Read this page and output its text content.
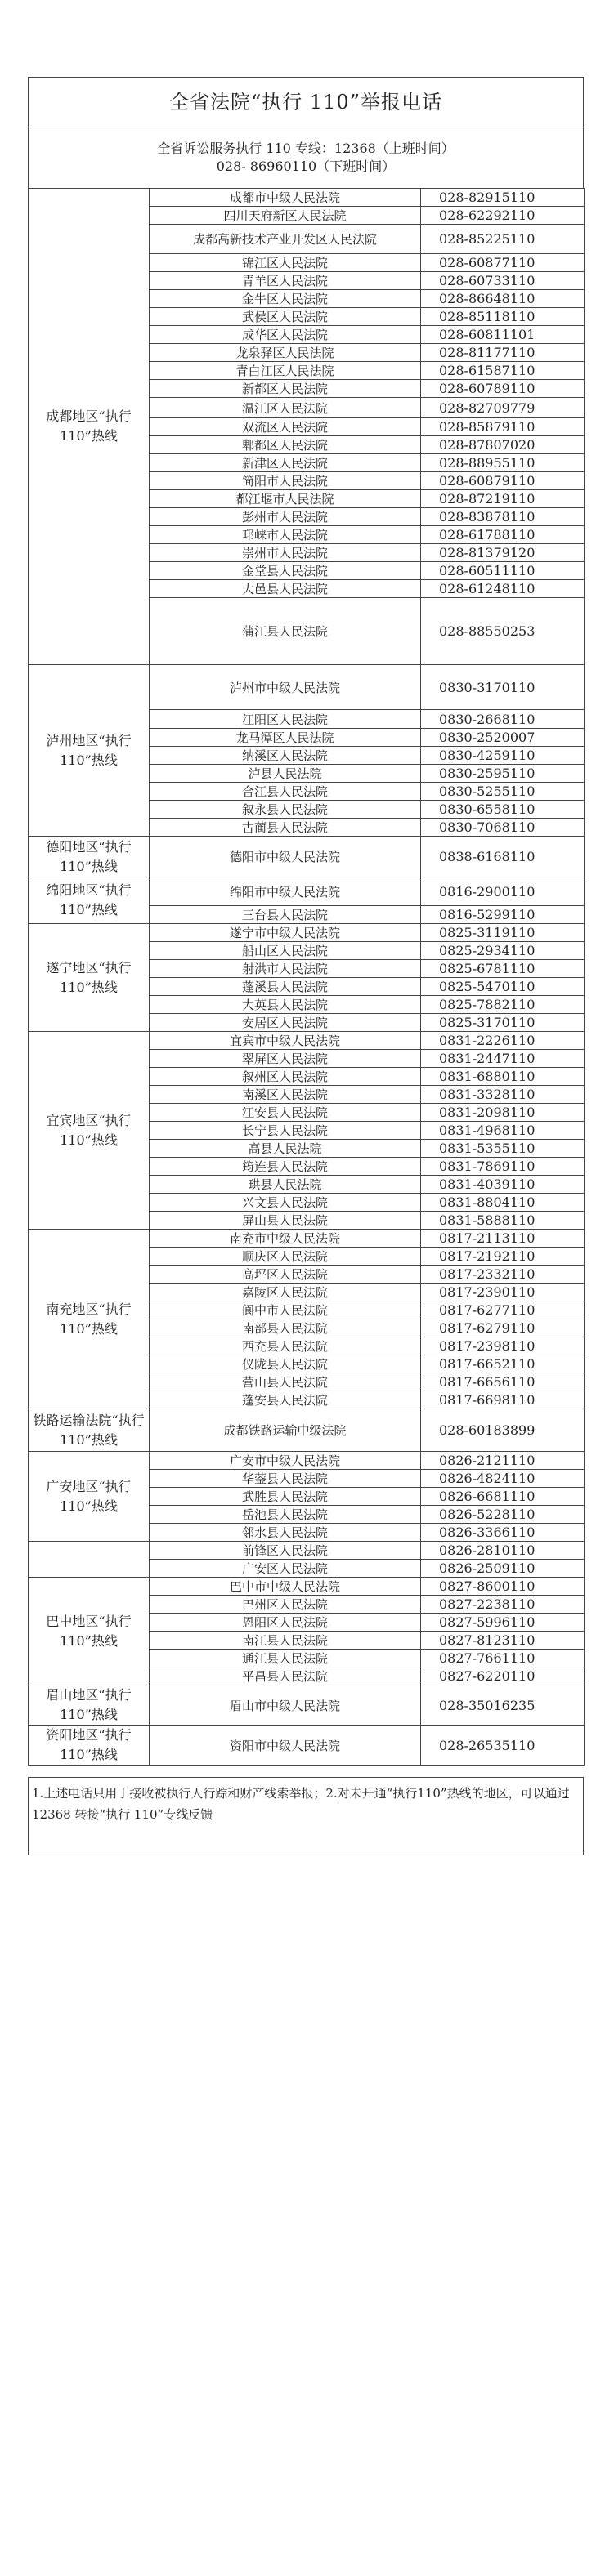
全省法院“执行 110”举报电话
全省诉讼服务执行 110 专线：12368（上班时间）
028- 86960110（下班时间）
成都地区“执行110”热线	成都市中级人民法院	028-82915110
	四川天府新区人民法院	028-62292110
	成都高新技术产业开发区人民法院	028-85225110
	锦江区人民法院	028-60877110
	青羊区人民法院	028-60733110
	金牛区人民法院	028-86648110
	武侯区人民法院	028-85118110
	成华区人民法院	028-60811101
	龙泉驿区人民法院	028-81177110
	青白江区人民法院	028-61587110
	新都区人民法院	028-60789110
	温江区人民法院	028-82709779
	双流区人民法院	028-85879110
	郫都区人民法院	028-87807020
	新津区人民法院	028-88955110
	简阳市人民法院	028-60879110
	都江堰市人民法院	028-87219110
	彭州市人民法院	028-83878110
	邛崃市人民法院	028-61788110
	崇州市人民法院	028-81379120
	金堂县人民法院	028-60511110
	大邑县人民法院	028-61248110
	蒲江县人民法院	028-88550253
泸州地区“执行110”热线	泸州市中级人民法院	0830-3170110
	江阳区人民法院	0830-2668110
	龙马潭区人民法院	0830-2520007
	纳溪区人民法院	0830-4259110
	泸县人民法院	0830-2595110
	合江县人民法院	0830-5255110
	叙永县人民法院	0830-6558110
	古蔺县人民法院	0830-7068110
德阳地区“执行110”热线	德阳市中级人民法院	0838-6168110
绵阳地区“执行110”热线	绵阳市中级人民法院	0816-2900110
	三台县人民法院	0816-5299110
遂宁地区“执行110”热线	遂宁市中级人民法院	0825-3119110
	船山区人民法院	0825-2934110
	射洪市人民法院	0825-6781110
	蓬溪县人民法院	0825-5470110
	大英县人民法院	0825-7882110
	安居区人民法院	0825-3170110
宜宾地区“执行110”热线	宜宾市中级人民法院	0831-2226110
	翠屏区人民法院	0831-2447110
	叙州区人民法院	0831-6880110
	南溪区人民法院	0831-3328110
	江安县人民法院	0831-2098110
	长宁县人民法院	0831-4968110
	高县人民法院	0831-5355110
	筠连县人民法院	0831-7869110
	珙县人民法院	0831-4039110
	兴文县人民法院	0831-8804110
	屏山县人民法院	0831-5888110
南充地区“执行110”热线	南充市中级人民法院	0817-2113110
	顺庆区人民法院	0817-2192110
	高坪区人民法院	0817-2332110
	嘉陵区人民法院	0817-2390110
	阆中市人民法院	0817-6277110
	南部县人民法院	0817-6279110
	西充县人民法院	0817-2398110
	仪陇县人民法院	0817-6652110
	营山县人民法院	0817-6656110
	蓬安县人民法院	0817-6698110
铁路运输法院“执行110”热线	成都铁路运输中级法院	028-60183899
广安地区“执行110”热线	广安市中级人民法院	0826-2121110
	华蓥县人民法院	0826-4824110
	武胜县人民法院	0826-6681110
	岳池县人民法院	0826-5228110
	邻水县人民法院	0826-3366110
	前锋区人民法院	0826-2810110
	广安区人民法院	0826-2509110
巴中地区“执行110”热线	巴中市中级人民法院	0827-8600110
	巴州区人民法院	0827-2238110
	恩阳区人民法院	0827-5996110
	南江县人民法院	0827-8123110
	通江县人民法院	0827-7661110
	平昌县人民法院	0827-6220110
眉山地区“执行110”热线	眉山市中级人民法院	028-35016235
资阳地区“执行110”热线	资阳市中级人民法院	028-26535110
1.上述电话只用于接收被执行人行踪和财产线索举报；2.对未开通“执行110”热线的地区，可以通过 12368 转接“执行 110”专线反馈
